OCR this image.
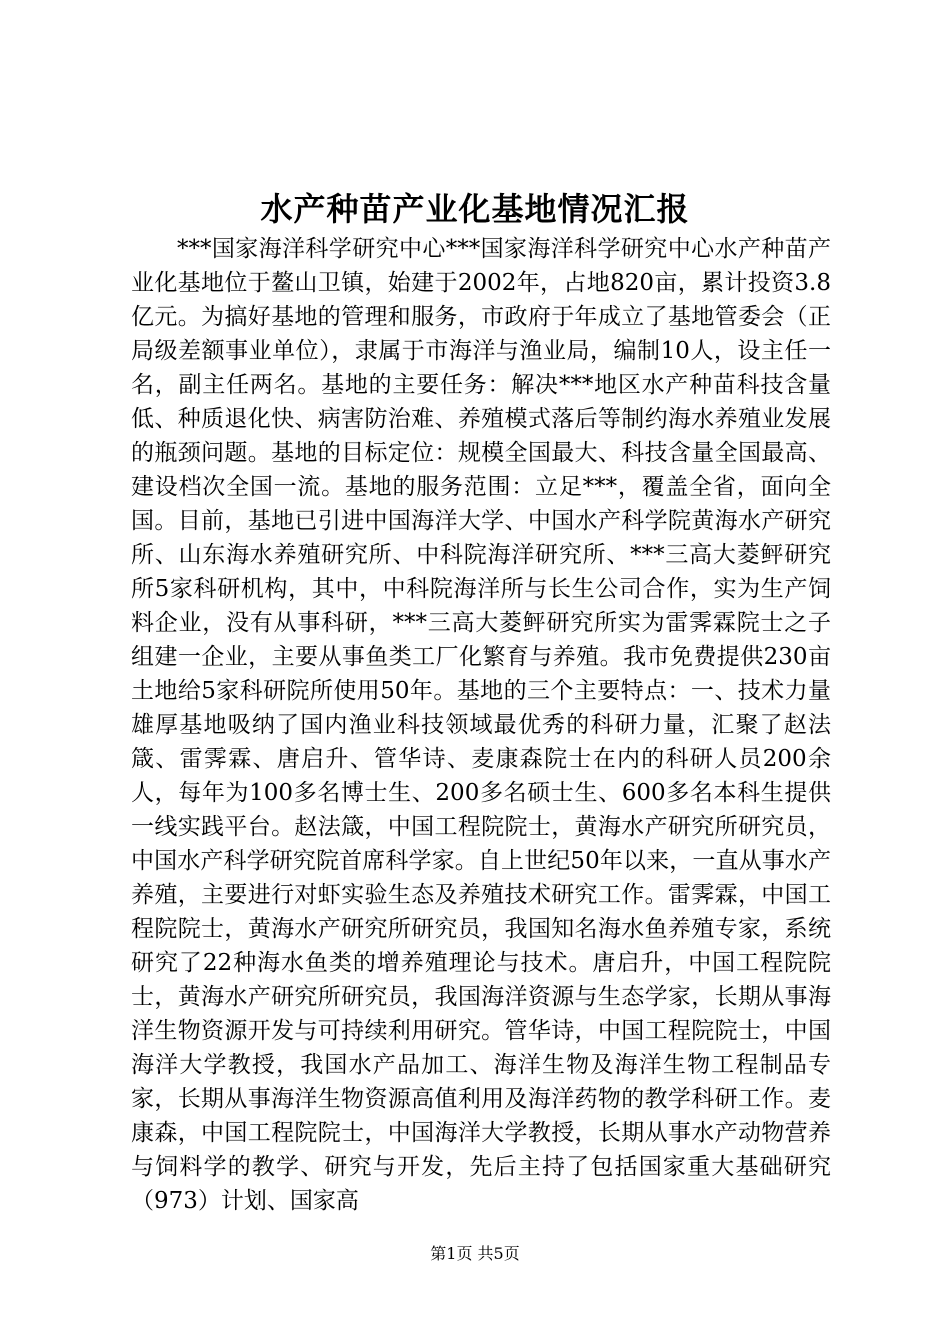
水产种苗产业化基地情况汇报

***国家海洋科学研究中心***国家海洋科学研究中心水产种苗产业化基地位于鳌山卫镇，始建于2002年，占地820亩，累计投资3.8亿元。为搞好基地的管理和服务，市政府于年成立了基地管委会（正局级差额事业单位），隶属于市海洋与渔业局，编制10人，设主任一名，副主任两名。基地的主要任务：解决***地区水产种苗科技含量低、种质退化快、病害防治难、养殖模式落后等制约海水养殖业发展的瓶颈问题。基地的目标定位：规模全国最大、科技含量全国最高、建设档次全国一流。基地的服务范围：立足***，覆盖全省，面向全国。目前，基地已引进中国海洋大学、中国水产科学院黄海水产研究所、山东海水养殖研究所、中科院海洋研究所、***三高大菱鲆研究所5家科研机构，其中，中科院海洋所与长生公司合作，实为生产饲料企业，没有从事科研，***三高大菱鲆研究所实为雷霁霖院士之子组建一企业，主要从事鱼类工厂化繁育与养殖。我市免费提供230亩土地给5家科研院所使用50年。基地的三个主要特点：一、技术力量雄厚基地吸纳了国内渔业科技领域最优秀的科研力量，汇聚了赵法箴、雷霁霖、唐启升、管华诗、麦康森院士在内的科研人员200余人，每年为100多名博士生、200多名硕士生、600多名本科生提供一线实践平台。赵法箴，中国工程院院士，黄海水产研究所研究员，中国水产科学研究院首席科学家。自上世纪50年以来，一直从事水产养殖，主要进行对虾实验生态及养殖技术研究工作。雷霁霖，中国工程院院士，黄海水产研究所研究员，我国知名海水鱼养殖专家，系统研究了22种海水鱼类的增养殖理论与技术。唐启升，中国工程院院士，黄海水产研究所研究员，我国海洋资源与生态学家，长期从事海洋生物资源开发与可持续利用研究。管华诗，中国工程院院士，中国海洋大学教授，我国水产品加工、海洋生物及海洋生物工程制品专家，长期从事海洋生物资源高值利用及海洋药物的教学科研工作。麦康森，中国工程院院士，中国海洋大学教授，长期从事水产动物营养与饲料学的教学、研究与开发，先后主持了包括国家重大基础研究（973）计划、国家高

第1页 共5页
